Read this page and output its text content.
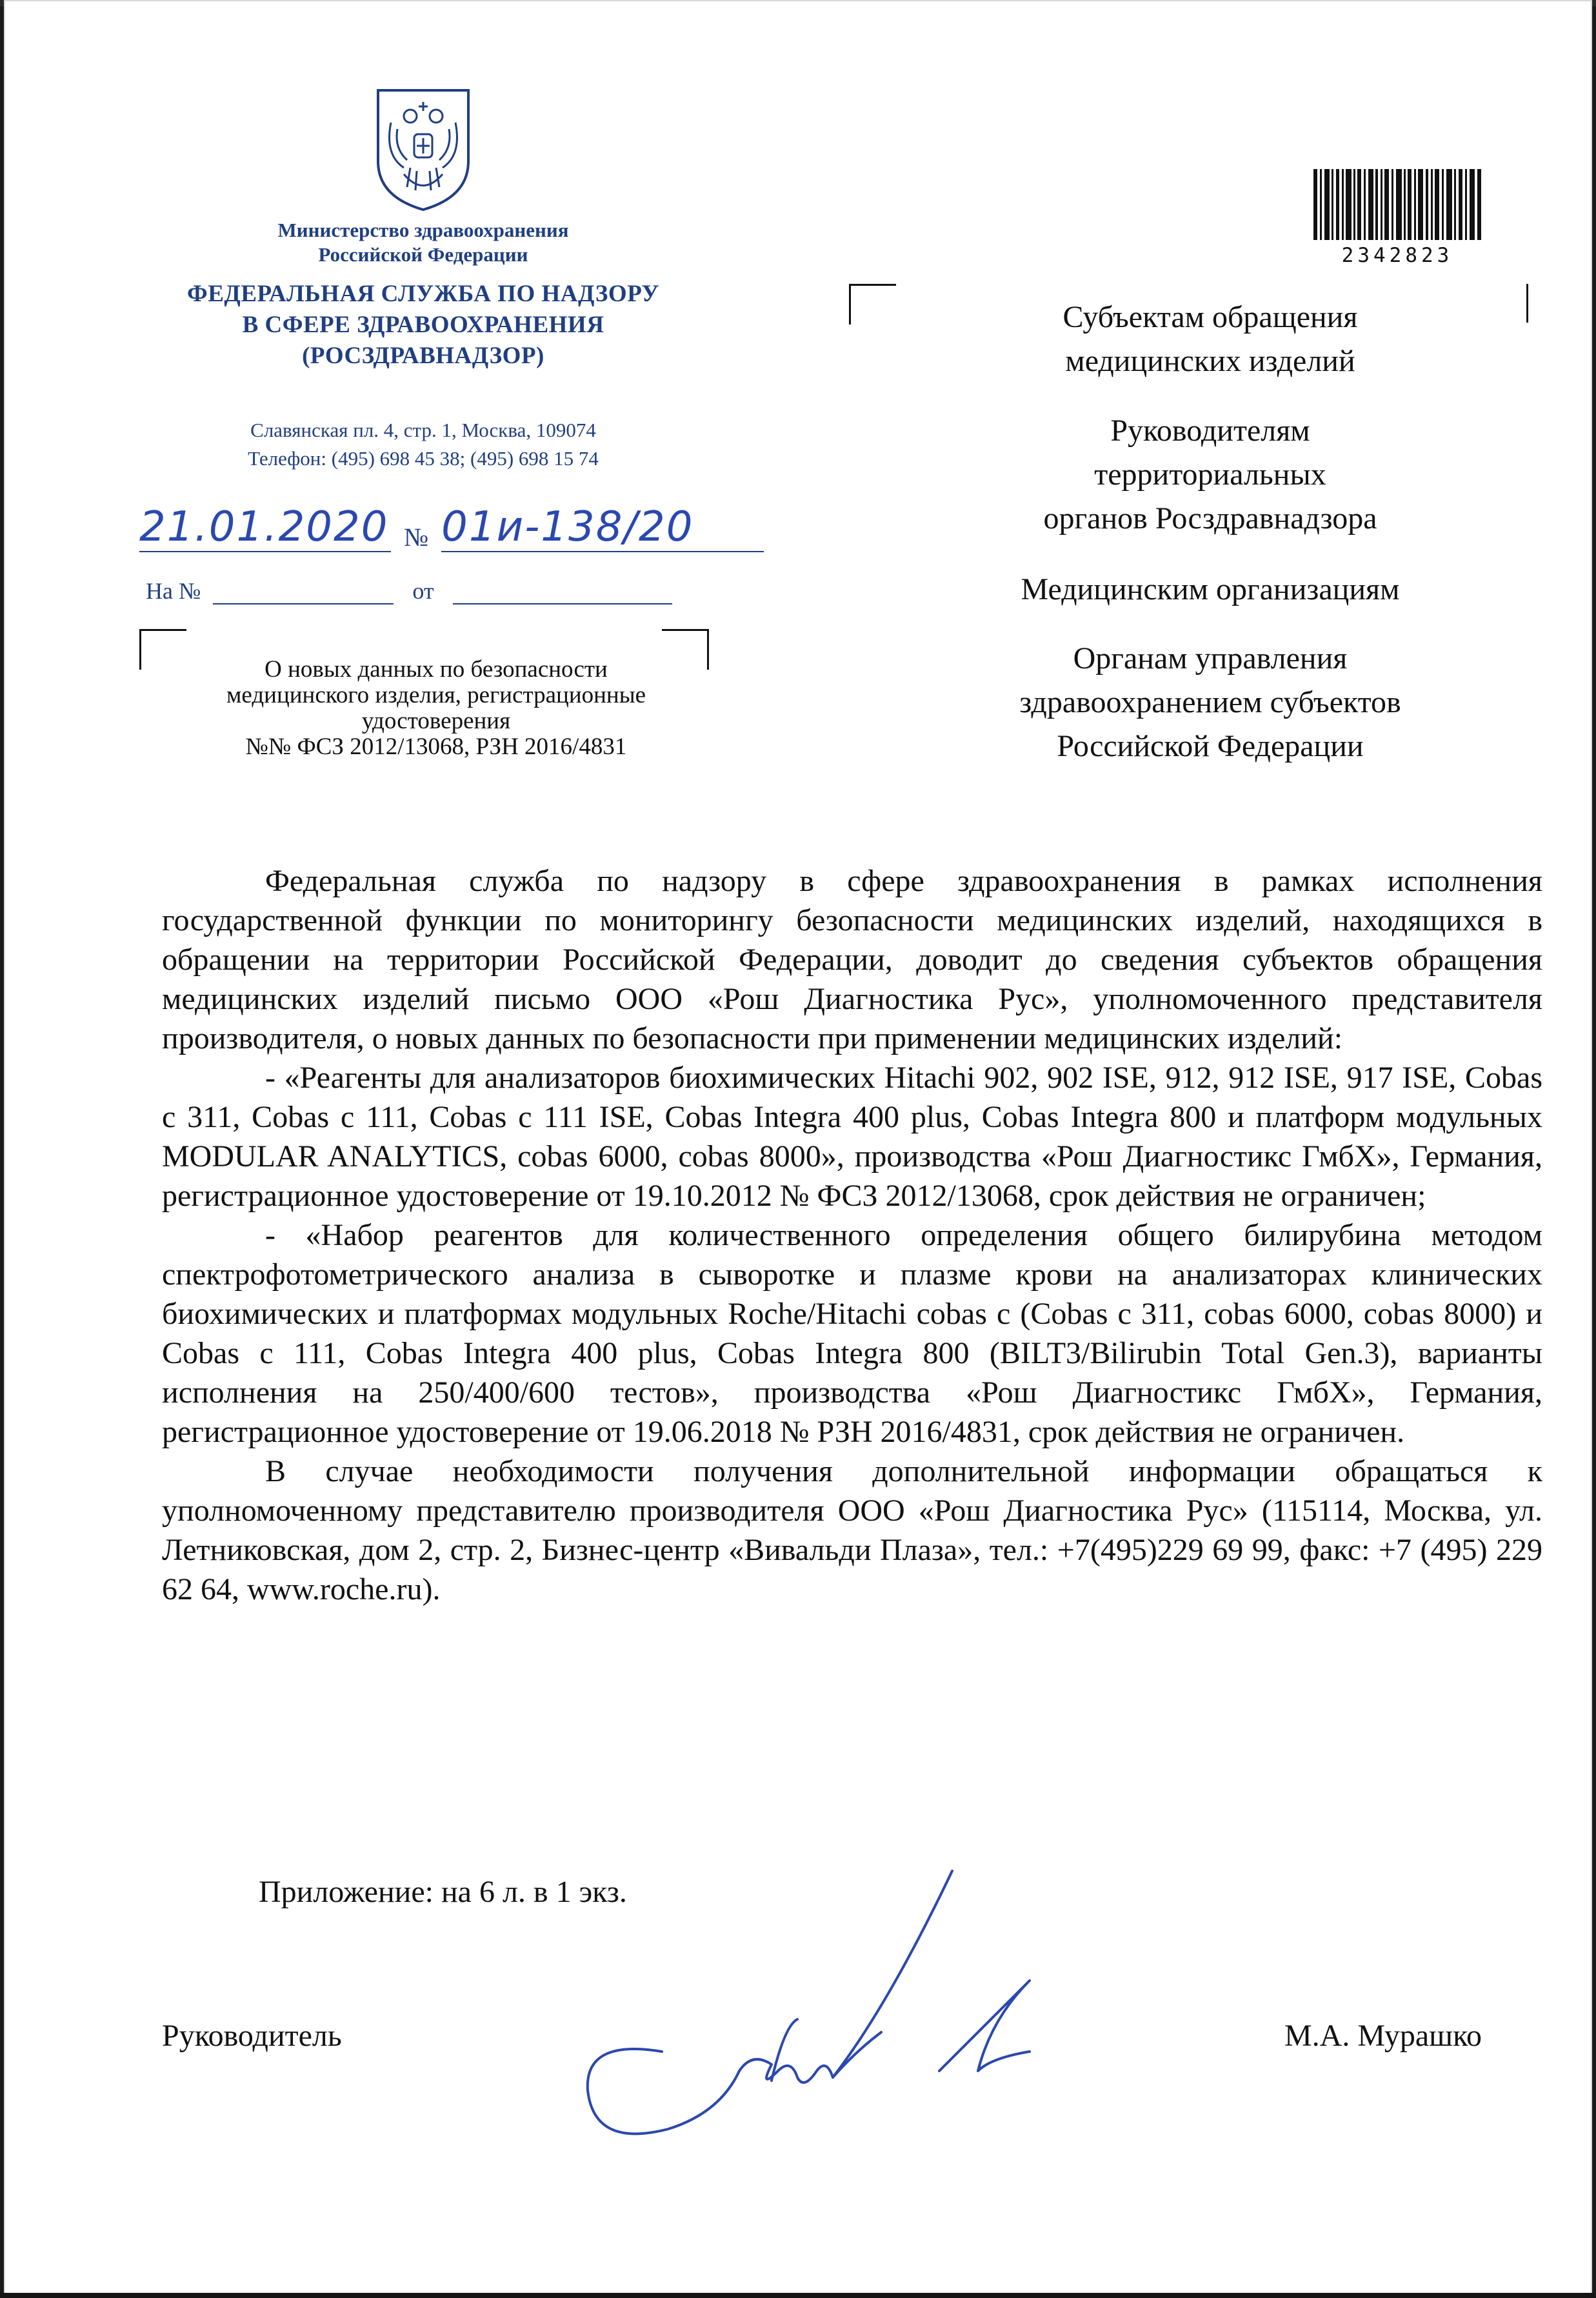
Министерство здравоохранения
Российской Федерации
ФЕДЕРАЛЬНАЯ СЛУЖБА ПО НАДЗОРУ
В СФЕРЕ ЗДРАВООХРАНЕНИЯ
(РОСЗДРАВНАДЗОР)
Славянская пл. 4, стр. 1, Москва, 109074
Телефон: (495) 698 45 38; (495) 698 15 74
21.01.2020 № 01и-138/20
На №	от
О новых данных по безопасности
медицинского изделия, регистрационные
удостоверения
№№ ФСЗ 2012/13068, РЗН 2016/4831
2342823
Субъектам обращения
медицинских изделий
Руководителям
территориальных
органов Росздравнадзора
Медицинским организациям
Органам управления
здравоохранением субъектов
Российской Федерации

Федеральная служба по надзору в сфере здравоохранения в рамках исполнения государственной функции по мониторингу безопасности медицинских изделий, находящихся в обращении на территории Российской Федерации, доводит до сведения субъектов обращения медицинских изделий письмо ООО «Рош Диагностика Рус», уполномоченного представителя производителя, о новых данных по безопасности при применении медицинских изделий:

- «Реагенты для анализаторов биохимических Hitachi 902, 902 ISE, 912, 912 ISE, 917 ISE, Cobas c 311, Cobas c 111, Cobas c 111 ISE, Cobas Integra 400 plus, Cobas Integra 800 и платформ модульных MODULAR ANALYTICS, cobas 6000, cobas 8000», производства «Рош Диагностикс ГмбХ», Германия, регистрационное удостоверение от 19.10.2012 № ФСЗ 2012/13068, срок действия не ограничен;

- «Набор реагентов для количественного определения общего билирубина методом спектрофотометрического анализа в сыворотке и плазме крови на анализаторах клинических биохимических и платформах модульных Roche/Hitachi cobas c (Cobas c 311, cobas 6000, cobas 8000) и Cobas c 111, Cobas Integra 400 plus, Cobas Integra 800 (BILT3/Bilirubin Total Gen.3), варианты исполнения на 250/400/600 тестов», производства «Рош Диагностикс ГмбХ», Германия, регистрационное удостоверение от 19.06.2018 № РЗН 2016/4831, срок действия не ограничен.

В случае необходимости получения дополнительной информации обращаться к уполномоченному представителю производителя ООО «Рош Диагностика Рус» (115114, Москва, ул. Летниковская, дом 2, стр. 2, Бизнес-центр «Вивальди Плаза», тел.: +7(495)229 69 99, факс: +7 (495) 229 62 64, www.roche.ru).

Приложение: на 6 л. в 1 экз.
Руководитель	М.А. Мурашко
